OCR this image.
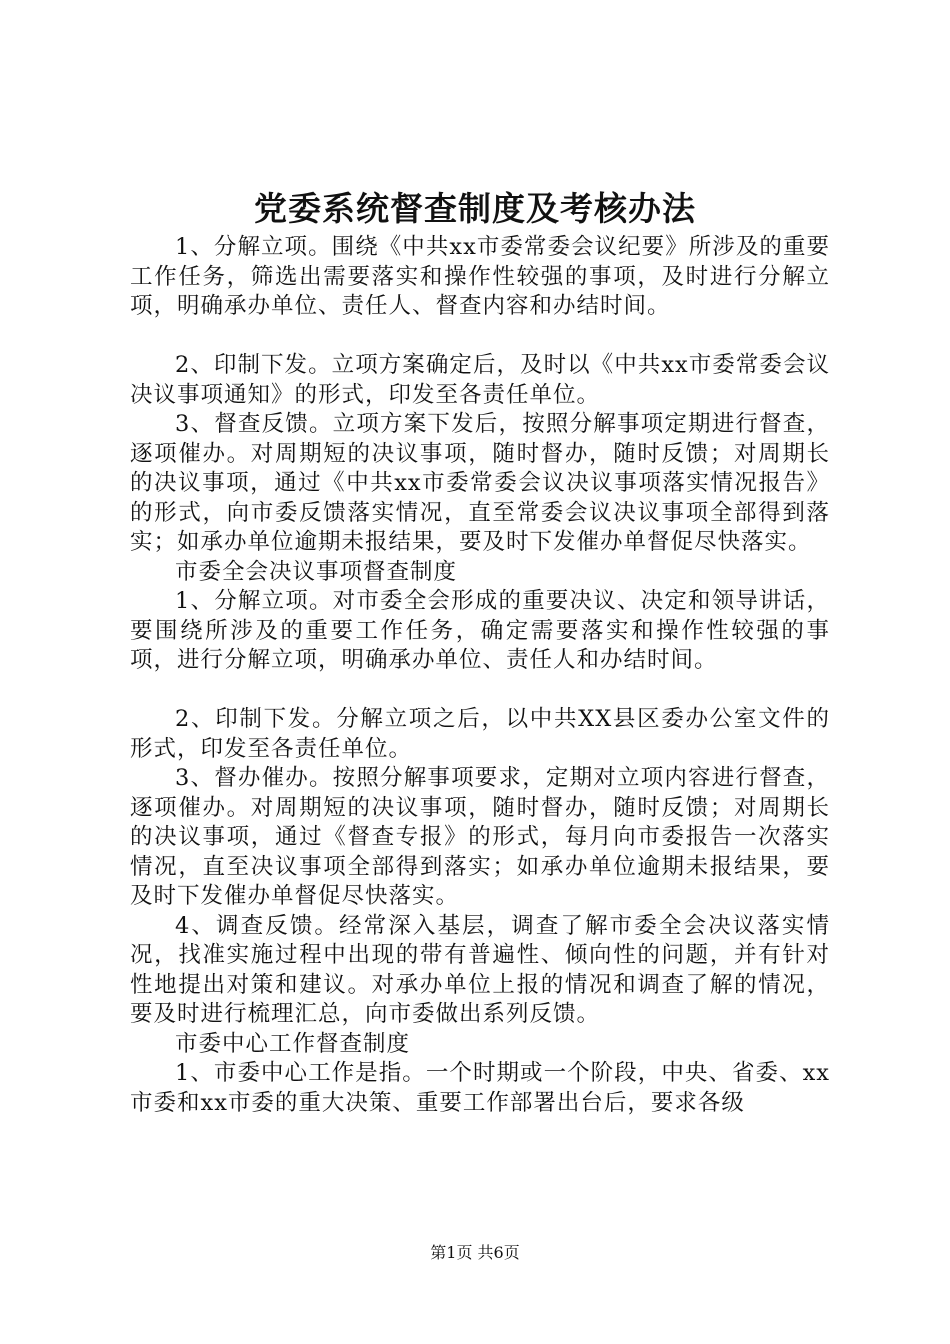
党委系统督查制度及考核办法

1、分解立项。围绕《中共xx市委常委会议纪要》所涉及的重要工作任务，筛选出需要落实和操作性较强的事项，及时进行分解立项，明确承办单位、责任人、督查内容和办结时间。

2、印制下发。立项方案确定后，及时以《中共xx市委常委会议决议事项通知》的形式，印发至各责任单位。

3、督查反馈。立项方案下发后，按照分解事项定期进行督查，逐项催办。对周期短的决议事项，随时督办，随时反馈；对周期长的决议事项，通过《中共xx市委常委会议决议事项落实情况报告》的形式，向市委反馈落实情况，直至常委会议决议事项全部得到落实；如承办单位逾期未报结果，要及时下发催办单督促尽快落实。

市委全会决议事项督查制度

1、分解立项。对市委全会形成的重要决议、决定和领导讲话，要围绕所涉及的重要工作任务，确定需要落实和操作性较强的事项，进行分解立项，明确承办单位、责任人和办结时间。

2、印制下发。分解立项之后，以中共XX县区委办公室文件的形式，印发至各责任单位。

3、督办催办。按照分解事项要求，定期对立项内容进行督查，逐项催办。对周期短的决议事项，随时督办，随时反馈；对周期长的决议事项，通过《督查专报》的形式，每月向市委报告一次落实情况，直至决议事项全部得到落实；如承办单位逾期未报结果，要及时下发催办单督促尽快落实。

4、调查反馈。经常深入基层，调查了解市委全会决议落实情况，找准实施过程中出现的带有普遍性、倾向性的问题，并有针对性地提出对策和建议。对承办单位上报的情况和调查了解的情况，要及时进行梳理汇总，向市委做出系列反馈。

市委中心工作督查制度

1、市委中心工作是指。一个时期或一个阶段，中央、省委、xx市委和xx市委的重大决策、重要工作部署出台后，要求各级

第1页 共6页
